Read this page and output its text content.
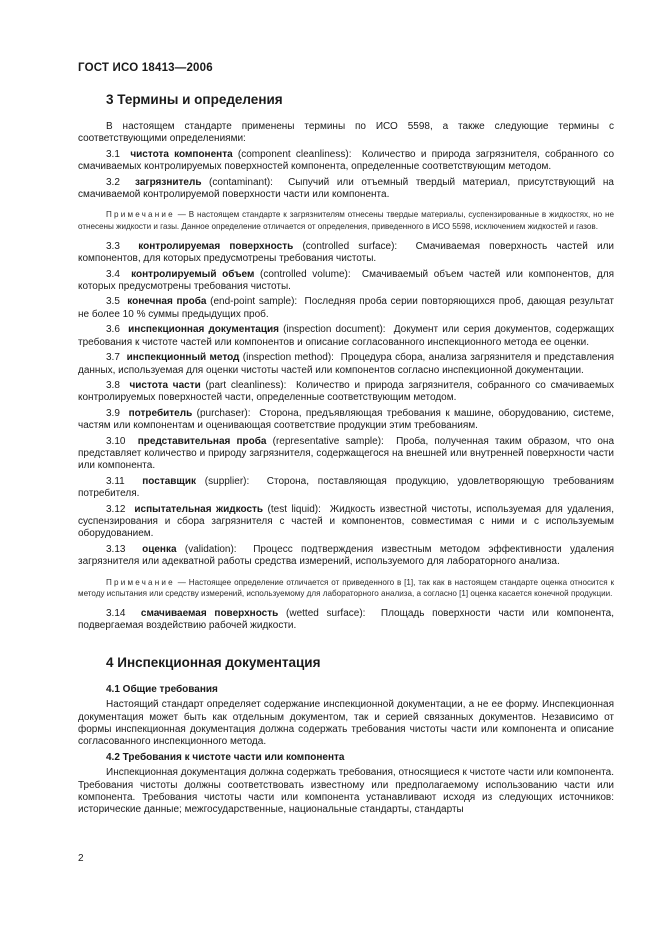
ГОСТ ИСО 18413—2006
3 Термины и определения

В настоящем стандарте применены термины по ИСО 5598, а также следующие термины с соответствующими определениями:

3.1 чистота компонента (component cleanliness): Количество и природа загрязнителя, собранного со смачиваемых контролируемых поверхностей компонента, определенные соответствующим методом.

3.2 загрязнитель (contaminant): Сыпучий или отъемный твердый материал, присутствующий на смачиваемой контролируемой поверхности части или компонента.

Примечание — В настоящем стандарте к загрязнителям отнесены твердые материалы, суспензированные в жидкостях, но не отнесены жидкости и газы. Данное определение отличается от определения, приведенного в ИСО 5598, исключением жидкостей и газов.

3.3 контролируемая поверхность (controlled surface): Смачиваемая поверхность частей или компонентов, для которых предусмотрены требования чистоты.

3.4 контролируемый объем (controlled volume): Смачиваемый объем частей или компонентов, для которых предусмотрены требования чистоты.

3.5 конечная проба (end-point sample): Последняя проба серии повторяющихся проб, дающая результат не более 10 % суммы предыдущих проб.

3.6 инспекционная документация (inspection document): Документ или серия документов, содержащих требования к чистоте частей или компонентов и описание согласованного инспекционного метода ее оценки.

3.7 инспекционный метод (inspection method): Процедура сбора, анализа загрязнителя и представления данных, используемая для оценки чистоты частей или компонентов согласно инспекционной документации.

3.8 чистота части (part cleanliness): Количество и природа загрязнителя, собранного со смачиваемых контролируемых поверхностей части, определенные соответствующим методом.

3.9 потребитель (purchaser): Сторона, предъявляющая требования к машине, оборудованию, системе, частям или компонентам и оценивающая соответствие продукции этим требованиям.

3.10 представительная проба (representative sample): Проба, полученная таким образом, что она представляет количество и природу загрязнителя, содержащегося на внешней или внутренней поверхности части или компонента.

3.11 поставщик (supplier): Сторона, поставляющая продукцию, удовлетворяющую требованиям потребителя.

3.12 испытательная жидкость (test liquid): Жидкость известной чистоты, используемая для удаления, суспензирования и сбора загрязнителя с частей и компонентов, совместимая с ними и с используемым оборудованием.

3.13 оценка (validation): Процесс подтверждения известным методом эффективности удаления загрязнителя или адекватной работы средства измерений, используемого для лабораторного анализа.

Примечание — Настоящее определение отличается от приведенного в [1], так как в настоящем стандарте оценка относится к методу испытания или средству измерений, используемому для лабораторного анализа, а согласно [1] оценка касается конечной продукции.

3.14 смачиваемая поверхность (wetted surface): Площадь поверхности части или компонента, подвергаемая воздействию рабочей жидкости.

4 Инспекционная документация

4.1 Общие требования

Настоящий стандарт определяет содержание инспекционной документации, а не ее форму. Инспекционная документация может быть как отдельным документом, так и серией связанных документов. Независимо от формы инспекционная документация должна содержать требования чистоты части или компонента и описание согласованного инспекционного метода.

4.2 Требования к чистоте части или компонента

Инспекционная документация должна содержать требования, относящиеся к чистоте части или компонента. Требования чистоты должны соответствовать известному или предполагаемому использованию части или компонента. Требования чистоты части или компонента устанавливают исходя из следующих источников: исторические данные; межгосударственные, национальные стандарты, стандарты

2
